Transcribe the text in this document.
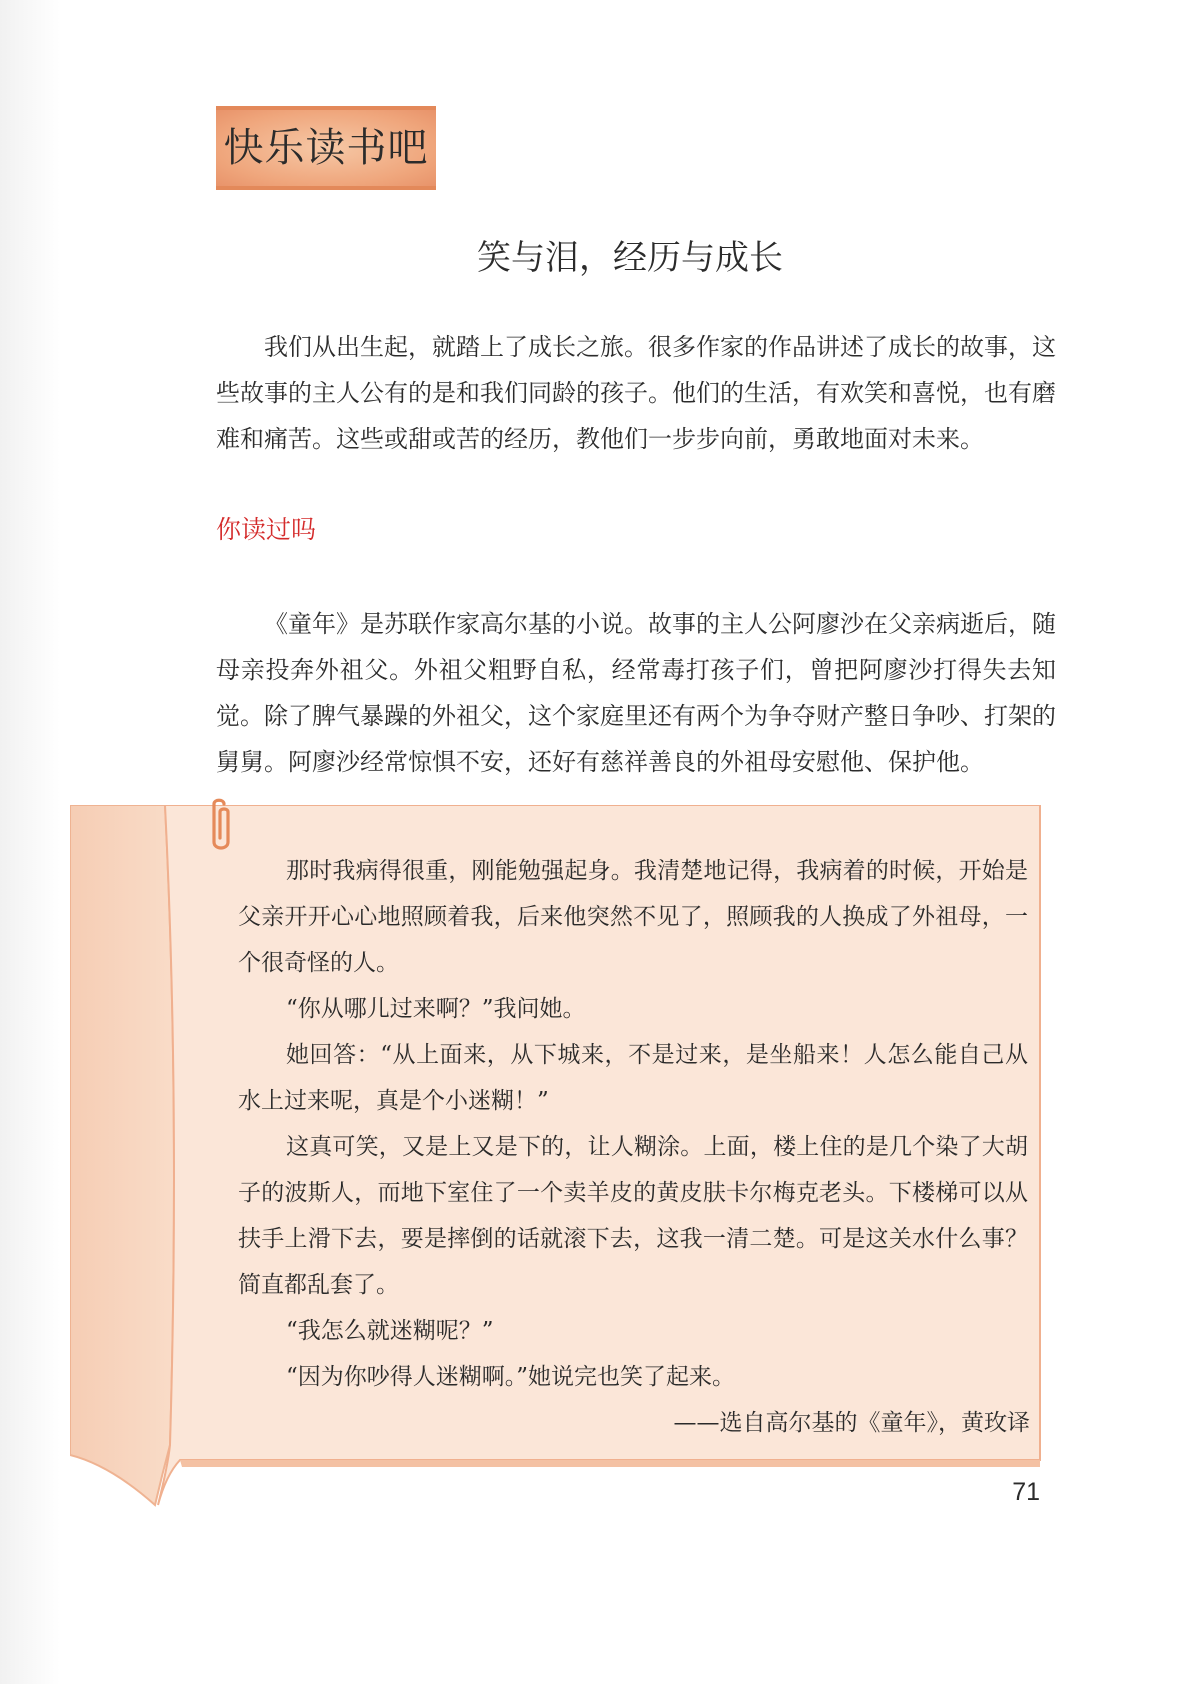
快乐读书吧
笑与泪，经历与成长

我们从出生起，就踏上了成长之旅。很多作家的作品讲述了成长的故事，这些故事的主人公有的是和我们同龄的孩子。他们的生活，有欢笑和喜悦，也有磨难和痛苦。这些或甜或苦的经历，教他们一步步向前，勇敢地面对未来。

你读过吗

《童年》是苏联作家高尔基的小说。故事的主人公阿廖沙在父亲病逝后，随母亲投奔外祖父。外祖父粗野自私，经常毒打孩子们，曾把阿廖沙打得失去知觉。除了脾气暴躁的外祖父，这个家庭里还有两个为争夺财产整日争吵、打架的舅舅。阿廖沙经常惊惧不安，还好有慈祥善良的外祖母安慰他、保护他。

那时我病得很重，刚能勉强起身。我清楚地记得，我病着的时候，开始是父亲开开心心地照顾着我，后来他突然不见了，照顾我的人换成了外祖母，一个很奇怪的人。

“你从哪儿过来啊？”我问她。

她回答：“从上面来，从下城来，不是过来，是坐船来！人怎么能自己从水上过来呢，真是个小迷糊！”

这真可笑，又是上又是下的，让人糊涂。上面，楼上住的是几个染了大胡子的波斯人，而地下室住了一个卖羊皮的黄皮肤卡尔梅克老头。下楼梯可以从扶手上滑下去，要是摔倒的话就滚下去，这我一清二楚。可是这关水什么事？简直都乱套了。

“我怎么就迷糊呢？”

“因为你吵得人迷糊啊。”她说完也笑了起来。

——选自高尔基的《童年》，黄玫译
71
